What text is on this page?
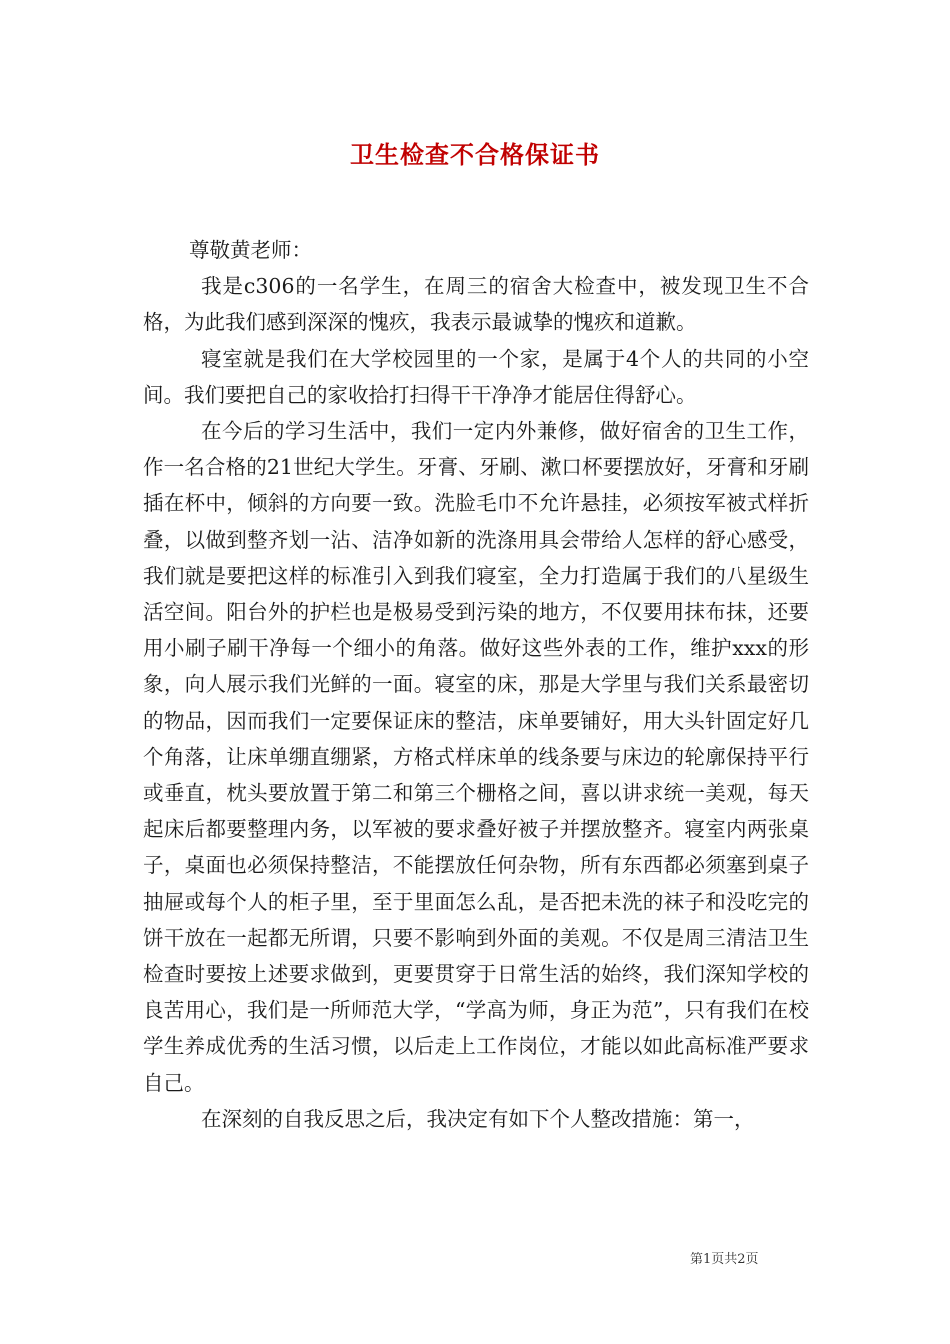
卫生检查不合格保证书

尊敬黄老师：

我是c306的一名学生，在周三的宿舍大检查中，被发现卫生不合格，为此我们感到深深的愧疚，我表示最诚挚的愧疚和道歉。

寝室就是我们在大学校园里的一个家，是属于4个人的共同的小空间。我们要把自己的家收拾打扫得干干净净才能居住得舒心。

在今后的学习生活中，我们一定内外兼修，做好宿舍的卫生工作，作一名合格的21世纪大学生。牙膏、牙刷、漱口杯要摆放好，牙膏和牙刷插在杯中，倾斜的方向要一致。洗脸毛巾不允许悬挂，必须按军被式样折叠，以做到整齐划一沾、洁净如新的洗涤用具会带给人怎样的舒心感受，我们就是要把这样的标准引入到我们寝室，全力打造属于我们的八星级生活空间。阳台外的护栏也是极易受到污染的地方，不仅要用抹布抹，还要用小刷子刷干净每一个细小的角落。做好这些外表的工作，维护xxx的形象，向人展示我们光鲜的一面。寝室的床，那是大学里与我们关系最密切的物品，因而我们一定要保证床的整洁，床单要铺好，用大头针固定好几个角落，让床单绷直绷紧，方格式样床单的线条要与床边的轮廓保持平行或垂直，枕头要放置于第二和第三个栅格之间，喜以讲求统一美观，每天起床后都要整理内务，以军被的要求叠好被子并摆放整齐。寝室内两张桌子，桌面也必须保持整洁，不能摆放任何杂物，所有东西都必须塞到桌子抽屉或每个人的柜子里，至于里面怎么乱，是否把未洗的袜子和没吃完的饼干放在一起都无所谓，只要不影响到外面的美观。不仅是周三清洁卫生检查时要按上述要求做到，更要贯穿于日常生活的始终，我们深知学校的良苦用心，我们是一所师范大学，“学高为师，身正为范”，只有我们在校学生养成优秀的生活习惯，以后走上工作岗位，才能以如此高标准严要求自己。

在深刻的自我反思之后，我决定有如下个人整改措施：第一，

第1页共2页
